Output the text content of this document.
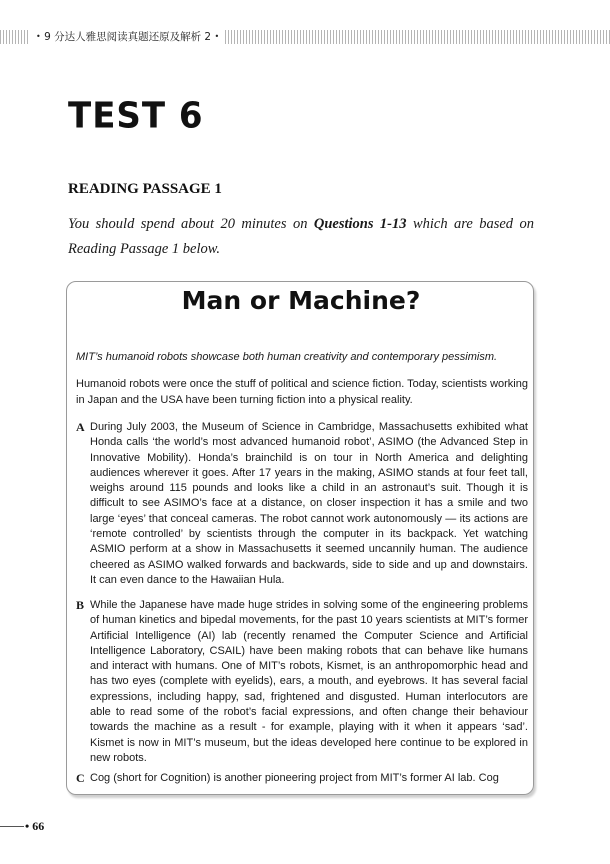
• 9 分达人雅思阅读真题还原及解析 2 •
TEST 6
READING PASSAGE 1

You should spend about 20 minutes on Questions 1-13 which are based on Reading Passage 1 below.

Man or Machine?

MIT’s humanoid robots showcase both human creativity and contemporary pessimism.

Humanoid robots were once the stuff of political and science fiction. Today, scientists working in Japan and the USA have been turning fiction into a physical reality.

A During July 2003, the Museum of Science in Cambridge, Massachusetts exhibited what Honda calls ‘the world’s most advanced humanoid robot’, ASIMO (the Advanced Step in Innovative Mobility). Honda’s brainchild is on tour in North America and delighting audiences wherever it goes. After 17 years in the making, ASIMO stands at four feet tall, weighs around 115 pounds and looks like a child in an astronaut’s suit. Though it is difficult to see ASIMO’s face at a distance, on closer inspection it has a smile and two large ‘eyes’ that conceal cameras. The robot cannot work autonomously — its actions are ‘remote controlled’ by scientists through the computer in its backpack. Yet watching ASMIO perform at a show in Massachusetts it seemed uncannily human. The audience cheered as ASIMO walked forwards and backwards, side to side and up and downstairs. It can even dance to the Hawaiian Hula.

B While the Japanese have made huge strides in solving some of the engineering problems of human kinetics and bipedal movements, for the past 10 years scientists at MIT’s former Artificial Intelligence (AI) lab (recently renamed the Computer Science and Artificial Intelligence Laboratory, CSAIL) have been making robots that can behave like humans and interact with humans. One of MIT’s robots, Kismet, is an anthropomorphic head and has two eyes (complete with eyelids), ears, a mouth, and eyebrows. It has several facial expressions, including happy, sad, frightened and disgusted. Human interlocutors are able to read some of the robot’s facial expressions, and often change their behaviour towards the machine as a result - for example, playing with it when it appears ‘sad’. Kismet is now in MIT’s museum, but the ideas developed here continue to be explored in new robots.

C Cog (short for Cognition) is another pioneering project from MIT’s former AI lab. Cog

• 66
